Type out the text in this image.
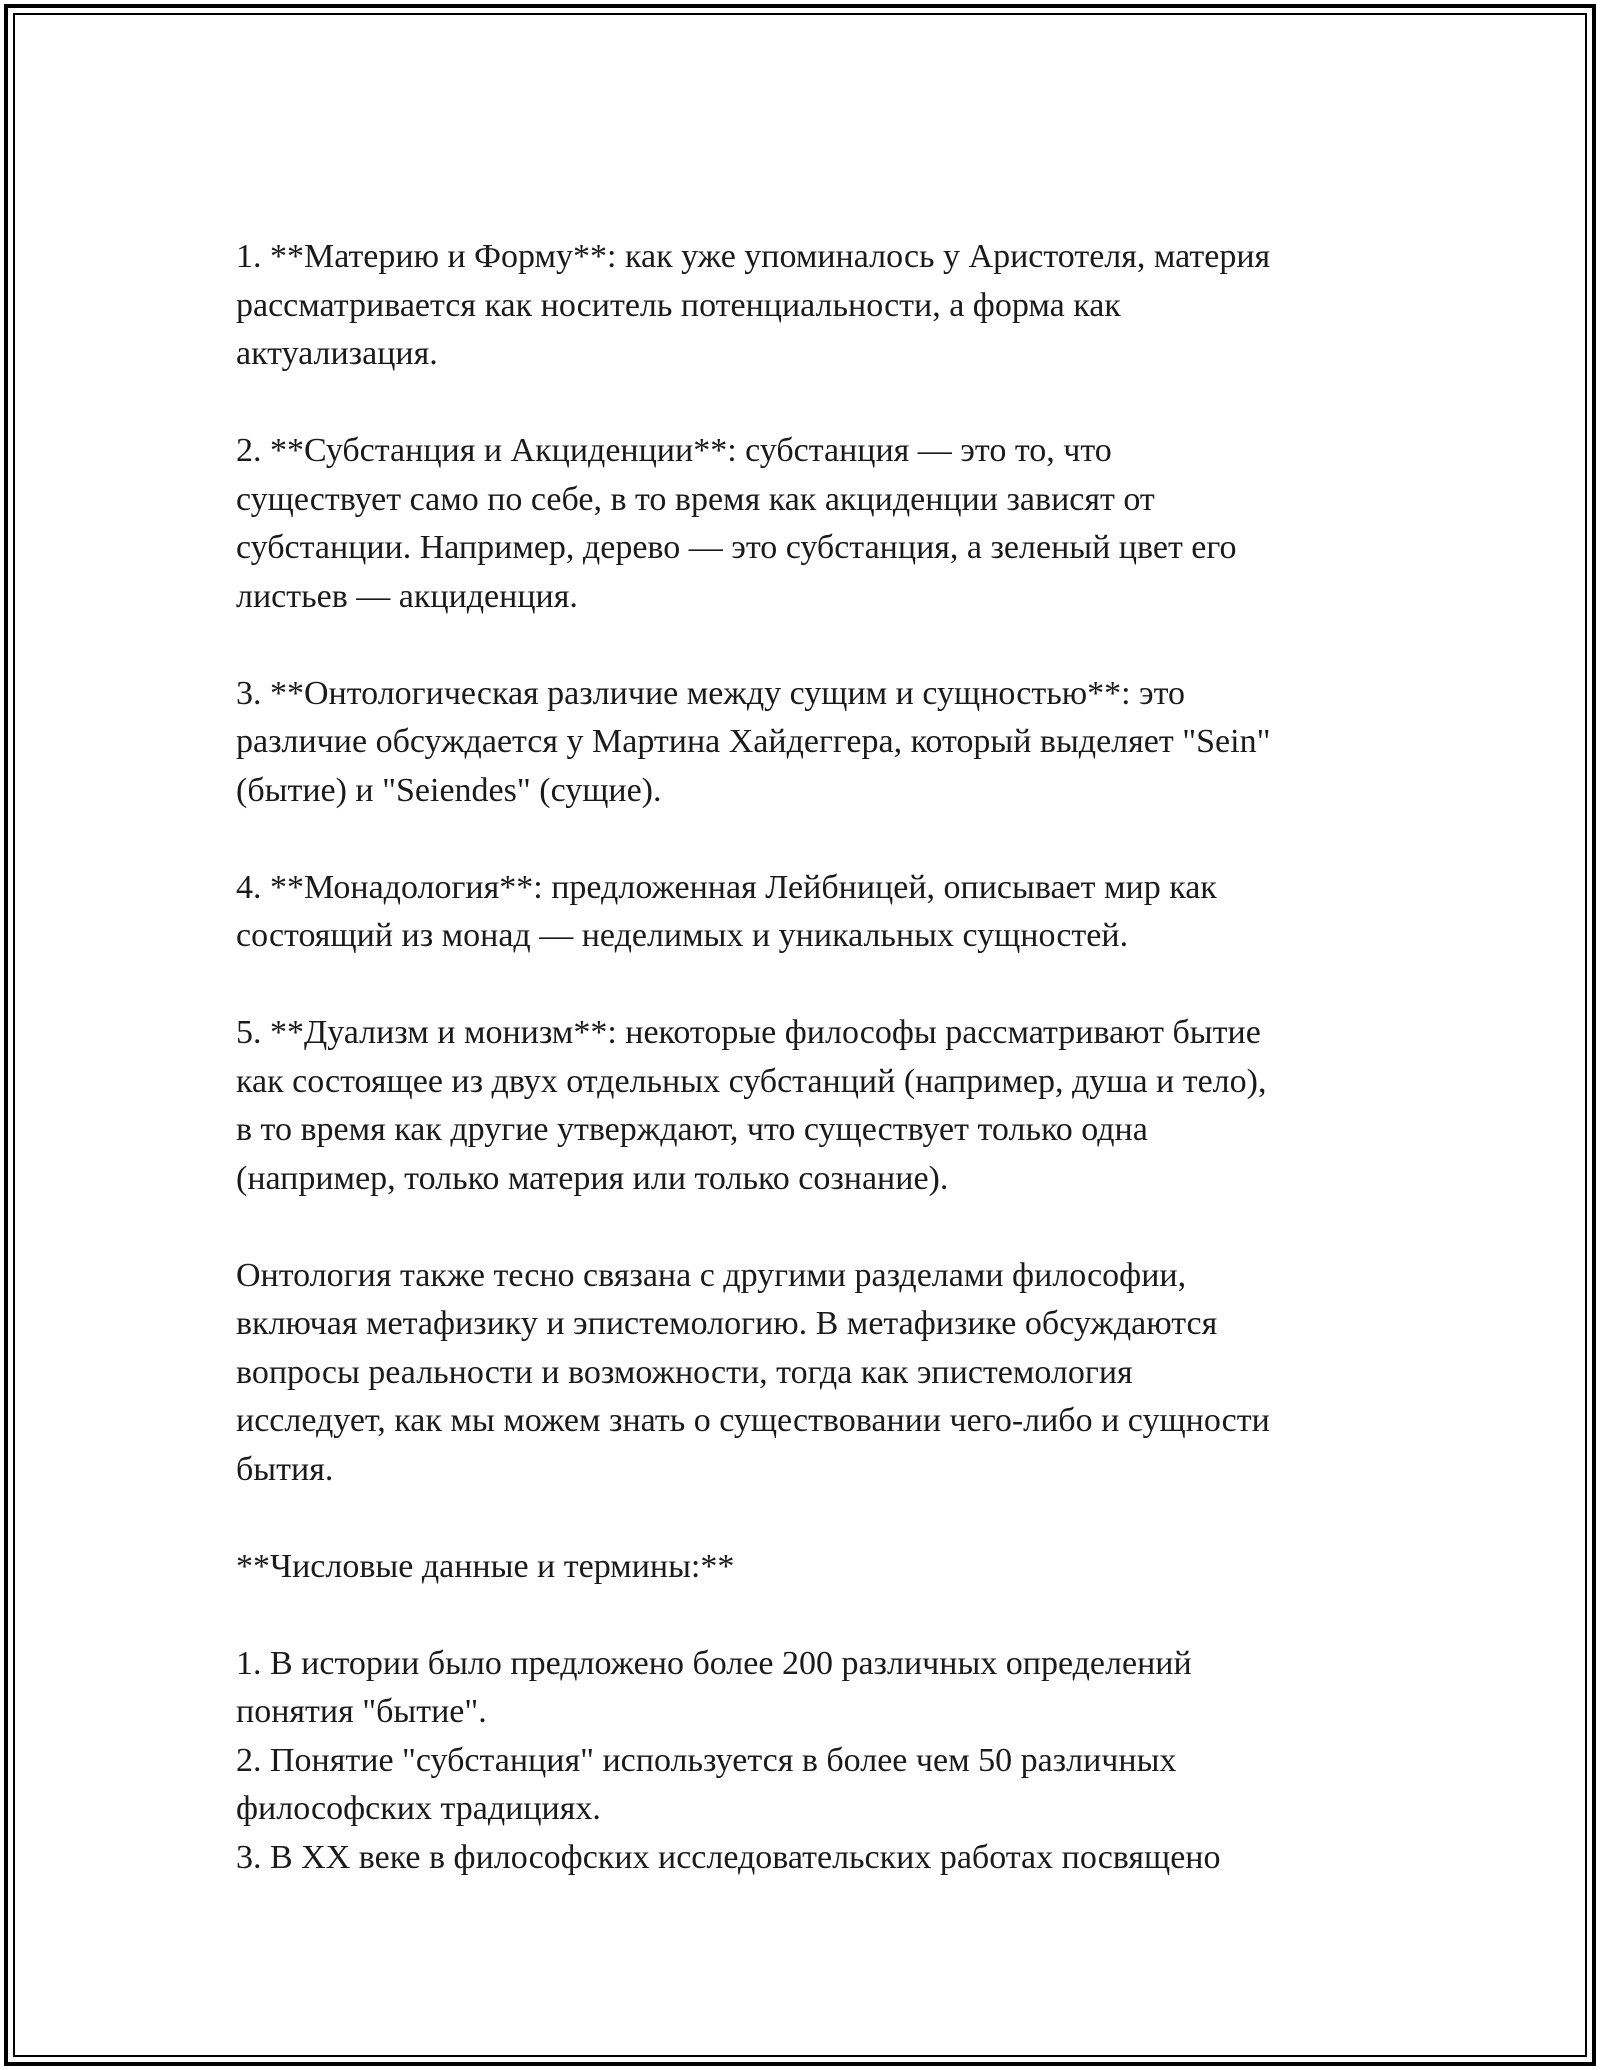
1. **Материю и Форму**: как уже упоминалось у Аристотеля, материя
рассматривается как носитель потенциальности, а форма как
актуализация.
2. **Субстанция и Акциденции**: субстанция — это то, что
существует само по себе, в то время как акциденции зависят от
субстанции. Например, дерево — это субстанция, а зеленый цвет его
листьев — акциденция.
3. **Онтологическая различие между сущим и сущностью**: это
различие обсуждается у Мартина Хайдеггера, который выделяет "Sein"
(бытие) и "Seiendes" (сущие).
4. **Монадология**: предложенная Лейбницей, описывает мир как
состоящий из монад — неделимых и уникальных сущностей.
5. **Дуализм и монизм**: некоторые философы рассматривают бытие
как состоящее из двух отдельных субстанций (например, душа и тело),
в то время как другие утверждают, что существует только одна
(например, только материя или только сознание).
Онтология также тесно связана с другими разделами философии,
включая метафизику и эпистемологию. В метафизике обсуждаются
вопросы реальности и возможности, тогда как эпистемология
исследует, как мы можем знать о существовании чего-либо и сущности
бытия.
**Числовые данные и термины:**
1. В истории было предложено более 200 различных определений
понятия "бытие".
2. Понятие "субстанция" используется в более чем 50 различных
философских традициях.
3. В XX веке в философских исследовательских работах посвящено
